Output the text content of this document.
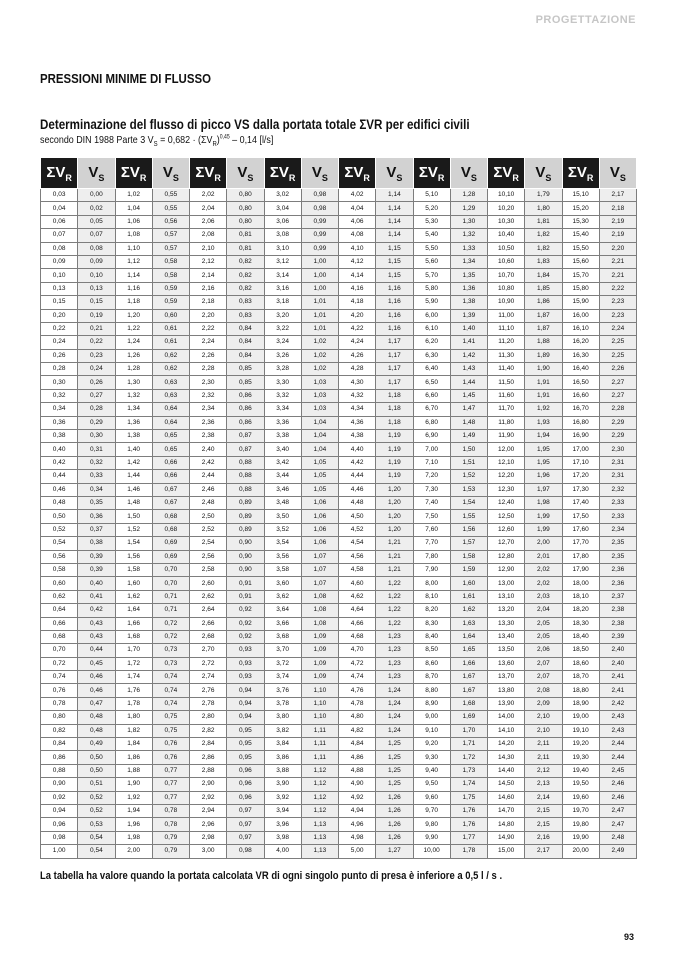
PROGETTAZIONE
PRESSIONI MINIME DI FLUSSO
Determinazione del flusso di picco VS dalla portata totale ΣVR per edifici civili
secondo DIN 1988 Parte 3 $V_S = 0,682 \cdot (\Sigma V_R)^{0,45} - 0,14$ [l/s]
$\Sigma V_R$	$V_S$	$\Sigma V_R$	$V_S$	$\Sigma V_R$	$V_S$	$\Sigma V_R$	$V_S$	$\Sigma V_R$	$V_S$	$\Sigma V_R$	$V_S$	$\Sigma V_R$	$V_S$	$\Sigma V_R$	$V_S$
0,03	0,00	1,02	0,55	2,02	0,80	3,02	0,98	4,02	1,14	5,10	1,28	10,10	1,79	15,10	2,17
0,04	0,02	1,04	0,55	2,04	0,80	3,04	0,98	4,04	1,14	5,20	1,29	10,20	1,80	15,20	2,18
0,06	0,05	1,06	0,56	2,06	0,80	3,06	0,99	4,06	1,14	5,30	1,30	10,30	1,81	15,30	2,19
0,07	0,07	1,08	0,57	2,08	0,81	3,08	0,99	4,08	1,14	5,40	1,32	10,40	1,82	15,40	2,19
0,08	0,08	1,10	0,57	2,10	0,81	3,10	0,99	4,10	1,15	5,50	1,33	10,50	1,82	15,50	2,20
0,09	0,09	1,12	0,58	2,12	0,82	3,12	1,00	4,12	1,15	5,60	1,34	10,60	1,83	15,60	2,21
0,10	0,10	1,14	0,58	2,14	0,82	3,14	1,00	4,14	1,15	5,70	1,35	10,70	1,84	15,70	2,21
0,13	0,13	1,16	0,59	2,16	0,82	3,16	1,00	4,16	1,16	5,80	1,36	10,80	1,85	15,80	2,22
0,15	0,15	1,18	0,59	2,18	0,83	3,18	1,01	4,18	1,16	5,90	1,38	10,90	1,86	15,90	2,23
0,20	0,19	1,20	0,60	2,20	0,83	3,20	1,01	4,20	1,16	6,00	1,39	11,00	1,87	16,00	2,23
0,22	0,21	1,22	0,61	2,22	0,84	3,22	1,01	4,22	1,16	6,10	1,40	11,10	1,87	16,10	2,24
0,24	0,22	1,24	0,61	2,24	0,84	3,24	1,02	4,24	1,17	6,20	1,41	11,20	1,88	16,20	2,25
0,26	0,23	1,26	0,62	2,26	0,84	3,26	1,02	4,26	1,17	6,30	1,42	11,30	1,89	16,30	2,25
0,28	0,24	1,28	0,62	2,28	0,85	3,28	1,02	4,28	1,17	6,40	1,43	11,40	1,90	16,40	2,26
0,30	0,26	1,30	0,63	2,30	0,85	3,30	1,03	4,30	1,17	6,50	1,44	11,50	1,91	16,50	2,27
0,32	0,27	1,32	0,63	2,32	0,86	3,32	1,03	4,32	1,18	6,60	1,45	11,60	1,91	16,60	2,27
0,34	0,28	1,34	0,64	2,34	0,86	3,34	1,03	4,34	1,18	6,70	1,47	11,70	1,92	16,70	2,28
0,36	0,29	1,36	0,64	2,36	0,86	3,36	1,04	4,36	1,18	6,80	1,48	11,80	1,93	16,80	2,29
0,38	0,30	1,38	0,65	2,38	0,87	3,38	1,04	4,38	1,19	6,90	1,49	11,90	1,94	16,90	2,29
0,40	0,31	1,40	0,65	2,40	0,87	3,40	1,04	4,40	1,19	7,00	1,50	12,00	1,95	17,00	2,30
0,42	0,32	1,42	0,66	2,42	0,88	3,42	1,05	4,42	1,19	7,10	1,51	12,10	1,95	17,10	2,31
0,44	0,33	1,44	0,66	2,44	0,88	3,44	1,05	4,44	1,19	7,20	1,52	12,20	1,96	17,20	2,31
0,46	0,34	1,46	0,67	2,46	0,88	3,46	1,05	4,46	1,20	7,30	1,53	12,30	1,97	17,30	2,32
0,48	0,35	1,48	0,67	2,48	0,89	3,48	1,06	4,48	1,20	7,40	1,54	12,40	1,98	17,40	2,33
0,50	0,36	1,50	0,68	2,50	0,89	3,50	1,06	4,50	1,20	7,50	1,55	12,50	1,99	17,50	2,33
0,52	0,37	1,52	0,68	2,52	0,89	3,52	1,06	4,52	1,20	7,60	1,56	12,60	1,99	17,60	2,34
0,54	0,38	1,54	0,69	2,54	0,90	3,54	1,06	4,54	1,21	7,70	1,57	12,70	2,00	17,70	2,35
0,56	0,39	1,56	0,69	2,56	0,90	3,56	1,07	4,56	1,21	7,80	1,58	12,80	2,01	17,80	2,35
0,58	0,39	1,58	0,70	2,58	0,90	3,58	1,07	4,58	1,21	7,90	1,59	12,90	2,02	17,90	2,36
0,60	0,40	1,60	0,70	2,60	0,91	3,60	1,07	4,60	1,22	8,00	1,60	13,00	2,02	18,00	2,36
0,62	0,41	1,62	0,71	2,62	0,91	3,62	1,08	4,62	1,22	8,10	1,61	13,10	2,03	18,10	2,37
0,64	0,42	1,64	0,71	2,64	0,92	3,64	1,08	4,64	1,22	8,20	1,62	13,20	2,04	18,20	2,38
0,66	0,43	1,66	0,72	2,66	0,92	3,66	1,08	4,66	1,22	8,30	1,63	13,30	2,05	18,30	2,38
0,68	0,43	1,68	0,72	2,68	0,92	3,68	1,09	4,68	1,23	8,40	1,64	13,40	2,05	18,40	2,39
0,70	0,44	1,70	0,73	2,70	0,93	3,70	1,09	4,70	1,23	8,50	1,65	13,50	2,06	18,50	2,40
0,72	0,45	1,72	0,73	2,72	0,93	3,72	1,09	4,72	1,23	8,60	1,66	13,60	2,07	18,60	2,40
0,74	0,46	1,74	0,74	2,74	0,93	3,74	1,09	4,74	1,23	8,70	1,67	13,70	2,07	18,70	2,41
0,76	0,46	1,76	0,74	2,76	0,94	3,76	1,10	4,76	1,24	8,80	1,67	13,80	2,08	18,80	2,41
0,78	0,47	1,78	0,74	2,78	0,94	3,78	1,10	4,78	1,24	8,90	1,68	13,90	2,09	18,90	2,42
0,80	0,48	1,80	0,75	2,80	0,94	3,80	1,10	4,80	1,24	9,00	1,69	14,00	2,10	19,00	2,43
0,82	0,48	1,82	0,75	2,82	0,95	3,82	1,11	4,82	1,24	9,10	1,70	14,10	2,10	19,10	2,43
0,84	0,49	1,84	0,76	2,84	0,95	3,84	1,11	4,84	1,25	9,20	1,71	14,20	2,11	19,20	2,44
0,86	0,50	1,86	0,76	2,86	0,95	3,86	1,11	4,86	1,25	9,30	1,72	14,30	2,11	19,30	2,44
0,88	0,50	1,88	0,77	2,88	0,96	3,88	1,12	4,88	1,25	9,40	1,73	14,40	2,12	19,40	2,45
0,90	0,51	1,90	0,77	2,90	0,96	3,90	1,12	4,90	1,25	9,50	1,74	14,50	2,13	19,50	2,46
0,92	0,52	1,92	0,77	2,92	0,96	3,92	1,12	4,92	1,26	9,60	1,75	14,60	2,14	19,60	2,46
0,94	0,52	1,94	0,78	2,94	0,97	3,94	1,12	4,94	1,26	9,70	1,76	14,70	2,15	19,70	2,47
0,96	0,53	1,96	0,78	2,96	0,97	3,96	1,13	4,96	1,26	9,80	1,76	14,80	2,15	19,80	2,47
0,98	0,54	1,98	0,79	2,98	0,97	3,98	1,13	4,98	1,26	9,90	1,77	14,90	2,16	19,90	2,48
1,00	0,54	2,00	0,79	3,00	0,98	4,00	1,13	5,00	1,27	10,00	1,78	15,00	2,17	20,00	2,49
La tabella ha valore quando la portata calcolata VR di ogni singolo punto di presa è inferiore a 0,5 l / s .
93
